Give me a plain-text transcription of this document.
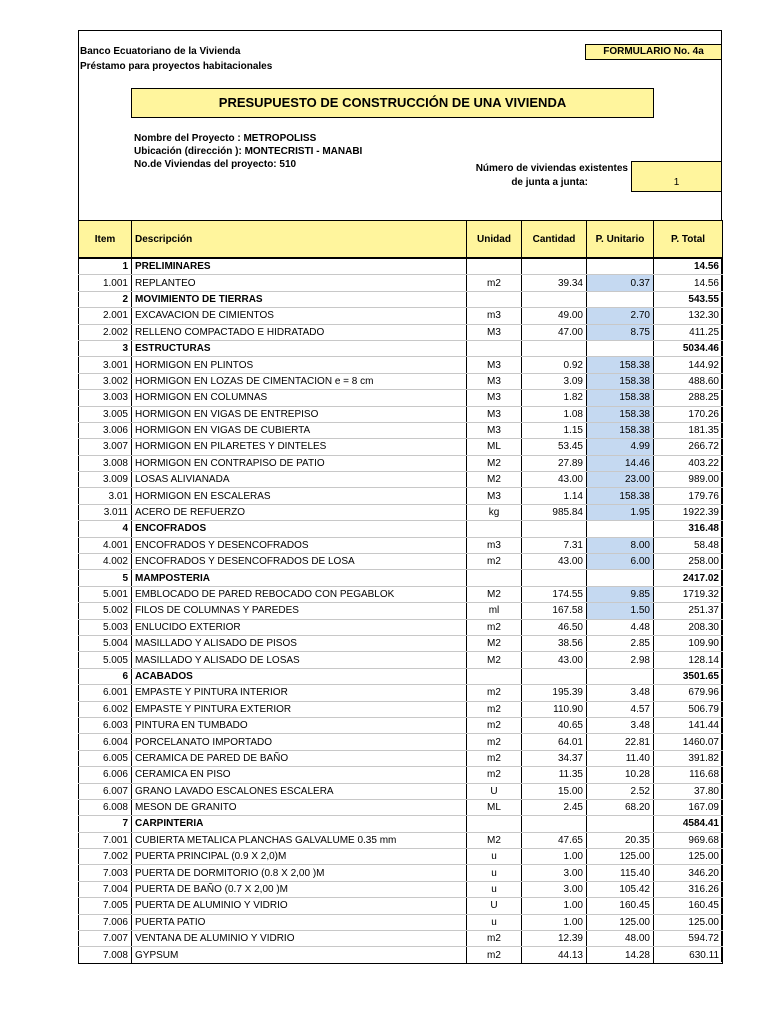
Banco Ecuatoriano de la Vivienda
Préstamo para proyectos habitacionales
FORMULARIO No. 4a
PRESUPUESTO DE CONSTRUCCIÓN DE UNA VIVIENDA
Nombre del Proyecto : METROPOLISS
Ubicación (dirección ): MONTECRISTI - MANABI
No.de Viviendas del proyecto: 510	Número de viviendas existentes
de junta a junta:	1
Item	Descripción	Unidad	Cantidad	P. Unitario	P. Total
1	PRELIMINARES				14.56
1.001	REPLANTEO	m2	39.34	0.37	14.56
2	MOVIMIENTO DE TIERRAS				543.55
2.001	EXCAVACION DE CIMIENTOS	m3	49.00	2.70	132.30
2.002	RELLENO COMPACTADO E HIDRATADO	M3	47.00	8.75	411.25
3	ESTRUCTURAS				5034.46
3.001	HORMIGON EN PLINTOS	M3	0.92	158.38	144.92
3.002	HORMIGON EN LOZAS DE CIMENTACION e = 8 cm	M3	3.09	158.38	488.60
3.003	HORMIGON EN COLUMNAS	M3	1.82	158.38	288.25
3.005	HORMIGON EN VIGAS DE ENTREPISO	M3	1.08	158.38	170.26
3.006	HORMIGON EN VIGAS DE CUBIERTA	M3	1.15	158.38	181.35
3.007	HORMIGON EN PILARETES Y DINTELES	ML	53.45	4.99	266.72
3.008	HORMIGON EN CONTRAPISO DE PATIO	M2	27.89	14.46	403.22
3.009	LOSAS ALIVIANADA	M2	43.00	23.00	989.00
3.01	HORMIGON EN ESCALERAS	M3	1.14	158.38	179.76
3.011	ACERO DE REFUERZO	kg	985.84	1.95	1922.39
4	ENCOFRADOS				316.48
4.001	ENCOFRADOS Y DESENCOFRADOS	m3	7.31	8.00	58.48
4.002	ENCOFRADOS Y DESENCOFRADOS DE LOSA	m2	43.00	6.00	258.00
5	MAMPOSTERIA				2417.02
5.001	EMBLOCADO DE PARED REBOCADO CON PEGABLOK	M2	174.55	9.85	1719.32
5.002	FILOS DE COLUMNAS Y PAREDES	ml	167.58	1.50	251.37
5.003	ENLUCIDO EXTERIOR	m2	46.50	4.48	208.30
5.004	MASILLADO Y ALISADO DE PISOS	M2	38.56	2.85	109.90
5.005	MASILLADO Y ALISADO DE LOSAS	M2	43.00	2.98	128.14
6	ACABADOS				3501.65
6.001	EMPASTE Y PINTURA INTERIOR	m2	195.39	3.48	679.96
6.002	EMPASTE Y PINTURA EXTERIOR	m2	110.90	4.57	506.79
6.003	PINTURA EN TUMBADO	m2	40.65	3.48	141.44
6.004	PORCELANATO IMPORTADO	m2	64.01	22.81	1460.07
6.005	CERAMICA DE PARED DE BAÑO	m2	34.37	11.40	391.82
6.006	CERAMICA EN PISO	m2	11.35	10.28	116.68
6.007	GRANO LAVADO ESCALONES ESCALERA	U	15.00	2.52	37.80
6.008	MESON DE GRANITO	ML	2.45	68.20	167.09
7	CARPINTERIA				4584.41
7.001	CUBIERTA METALICA PLANCHAS GALVALUME 0.35 mm	M2	47.65	20.35	969.68
7.002	PUERTA PRINCIPAL (0.9 X 2,0)M	u	1.00	125.00	125.00
7.003	PUERTA DE DORMITORIO (0.8 X 2,00 )M	u	3.00	115.40	346.20
7.004	PUERTA DE BAÑO (0.7 X 2,00 )M	u	3.00	105.42	316.26
7.005	PUERTA DE ALUMINIO Y VIDRIO	U	1.00	160.45	160.45
7.006	PUERTA PATIO	u	1.00	125.00	125.00
7.007	VENTANA DE ALUMINIO Y VIDRIO	m2	12.39	48.00	594.72
7.008	GYPSUM	m2	44.13	14.28	630.11
